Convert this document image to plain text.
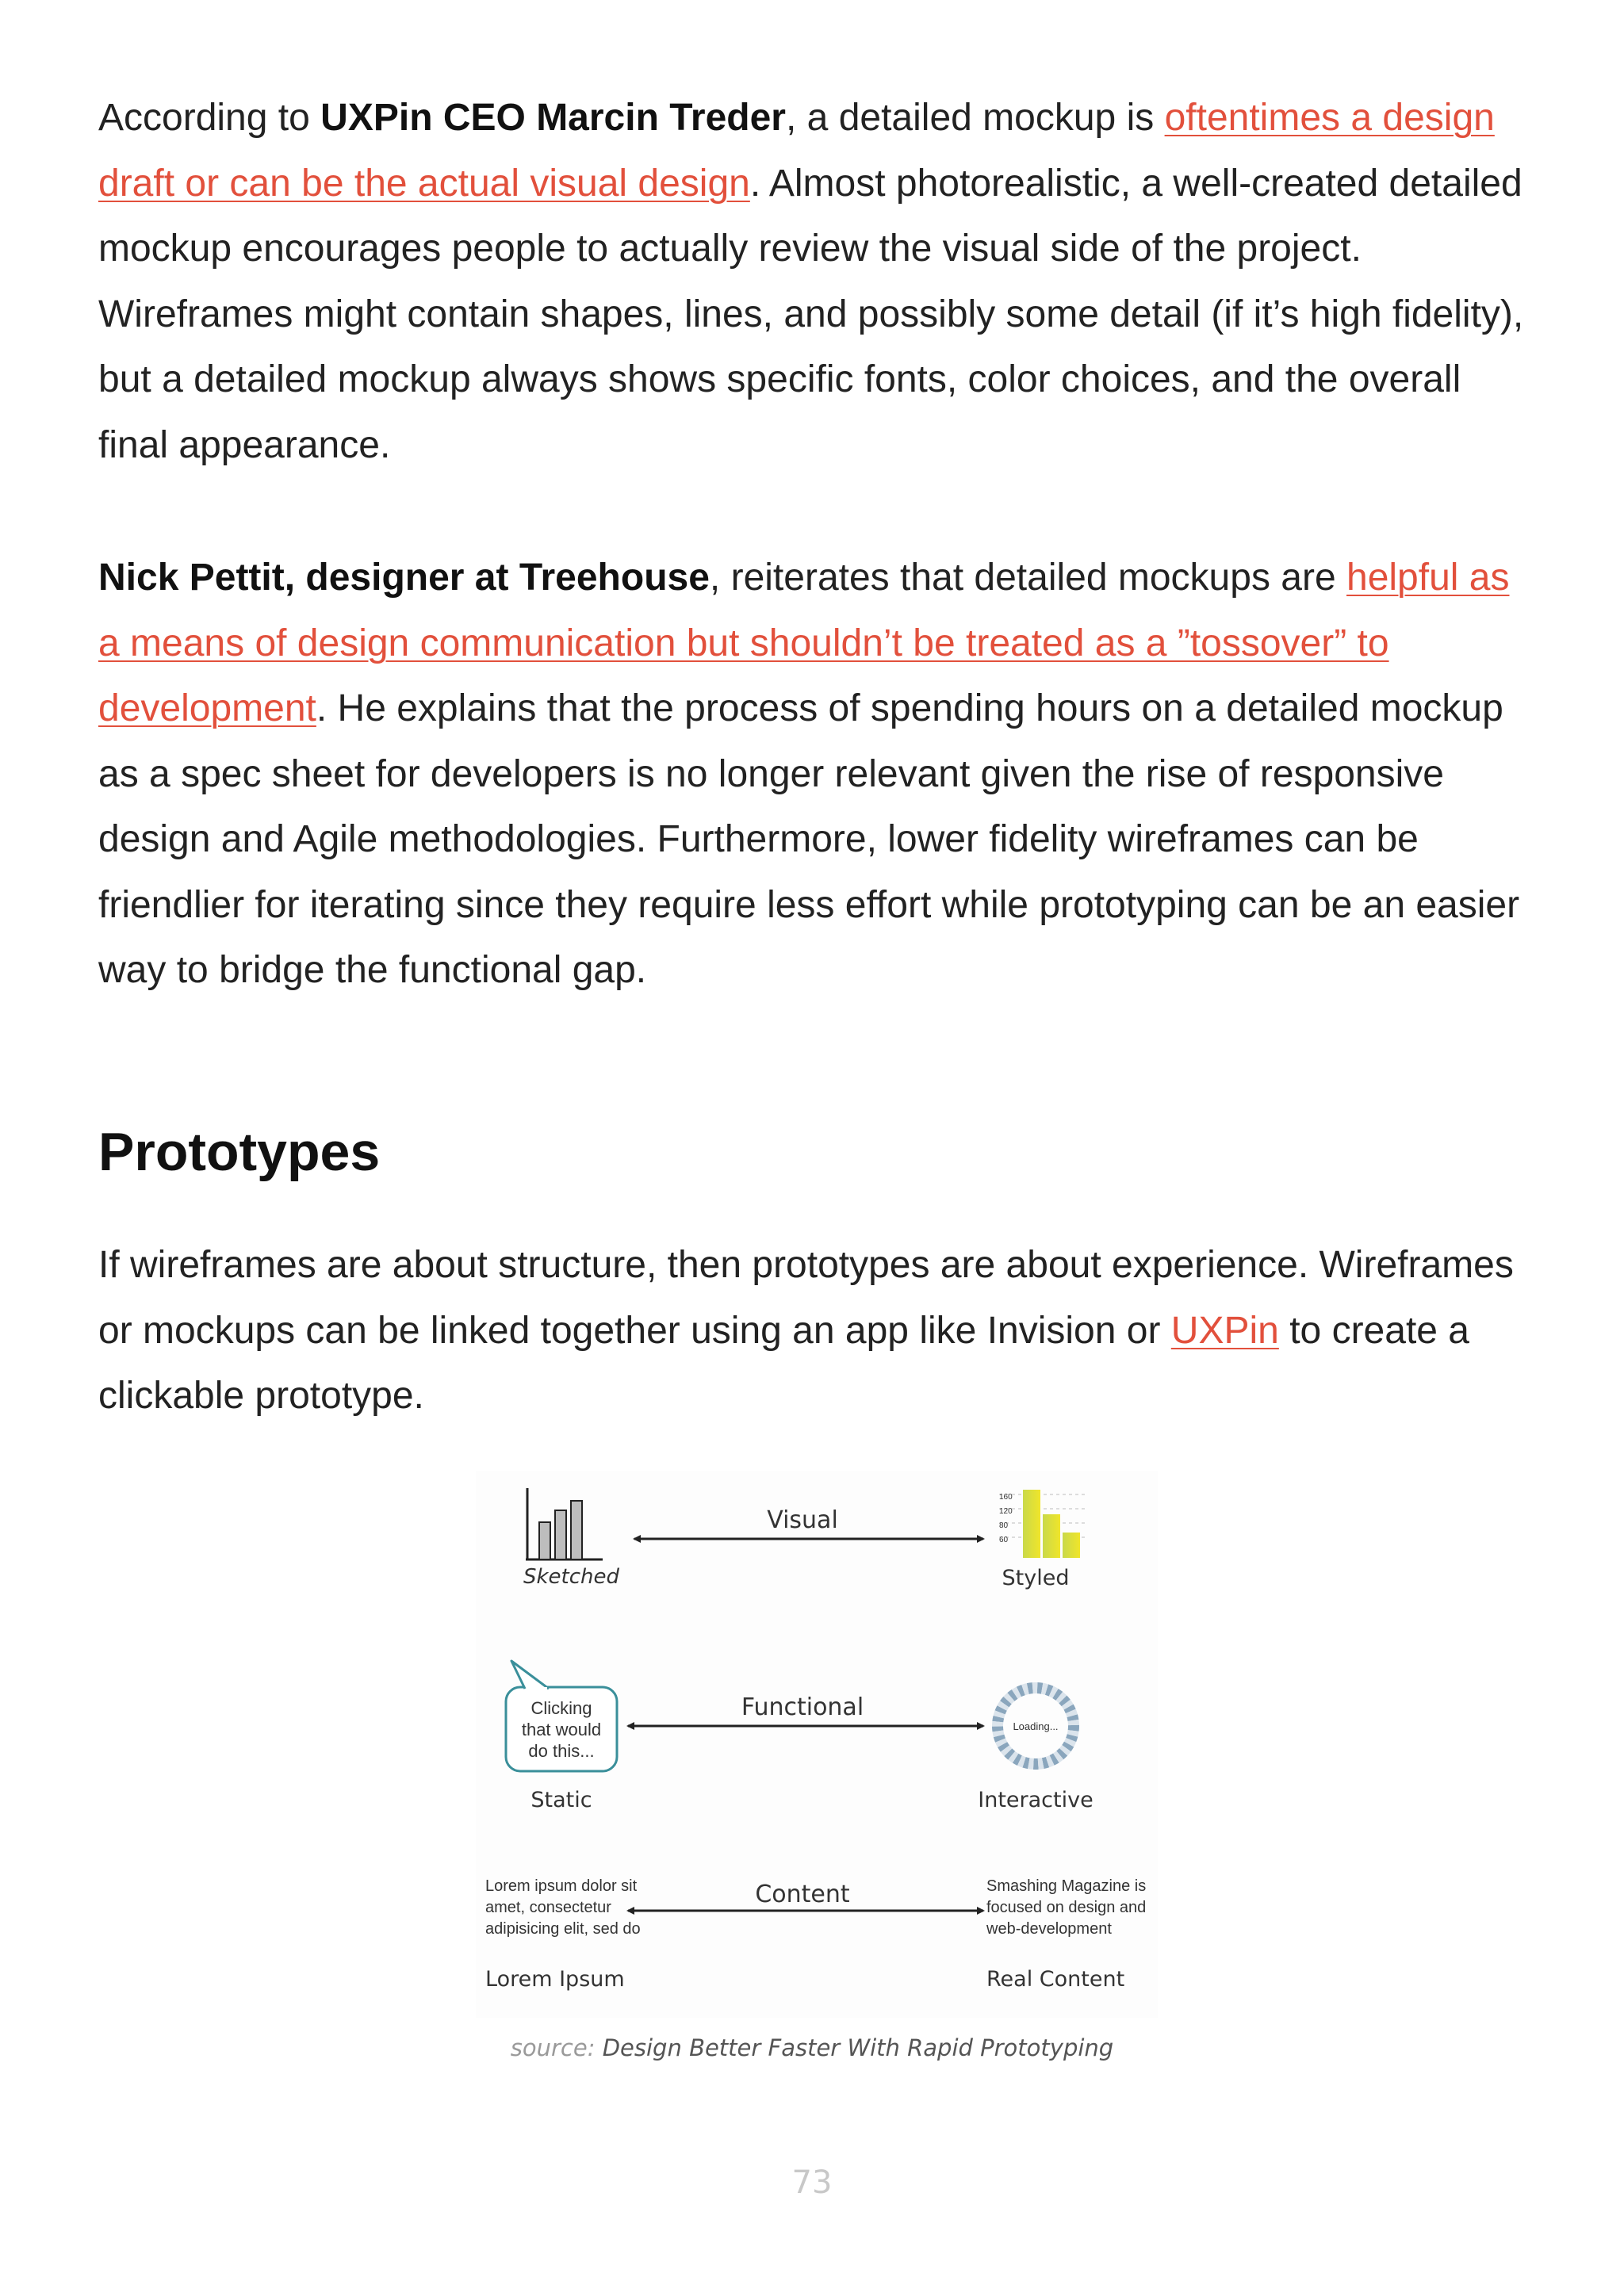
According to UXPin CEO Marcin Treder, a detailed mockup is oftentimes a design draft or can be the actual visual design. Almost photorealistic, a well-created detailed mockup encourages people to actually review the visual side of the project. Wireframes might contain shapes, lines, and possibly some detail (if it’s high fidelity), but a detailed mockup always shows specific fonts, color choices, and the overall final appearance.

Nick Pettit, designer at Treehouse, reiterates that detailed mockups are helpful as a means of design communication but shouldn’t be treated as a ”tossover” to development. He explains that the process of spending hours on a detailed mockup as a spec sheet for developers is no longer relevant given the rise of responsive design and Agile methodologies. Furthermore, lower fidelity wireframes can be friendlier for iterating since they require less effort while prototyping can be an easier way to bridge the functional gap.

Prototypes

If wireframes are about structure, then prototypes are about experience. Wireframes or mockups can be linked together using an app like Invision or UXPin to create a clickable prototype.

Sketched
Visual
160
120
80
60
Styled
Clicking
that would
do this...
Static
Functional
Loading...
Interactive
Lorem ipsum dolor sit
amet, consectetur
adipisicing elit, sed do
Lorem Ipsum
Content	Smashing Magazine is
focused on design and
web-development
Real Content
source: Design Better Faster With Rapid Prototyping
73
